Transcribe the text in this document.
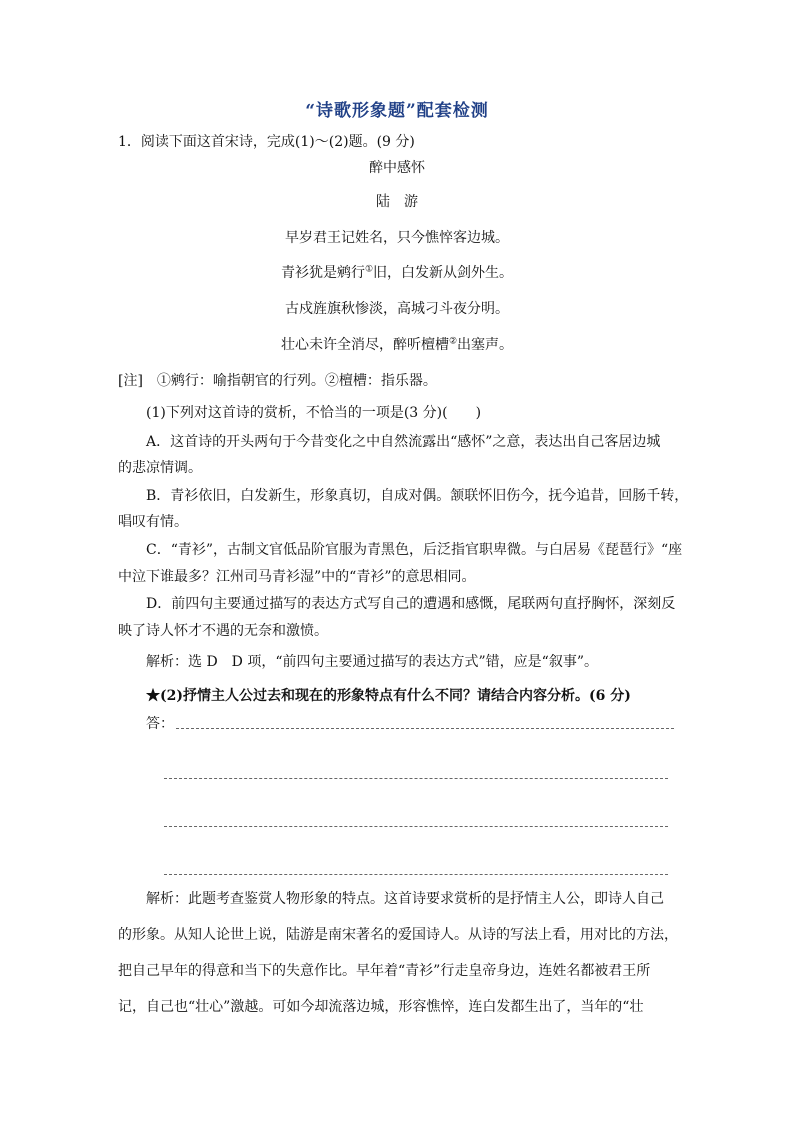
“诗歌形象题”配套检测
1．阅读下面这首宋诗，完成(1)～(2)题。(9 分)
醉中感怀
陆　游
早岁君王记姓名，只今憔悴客边城。
青衫犹是鹓行①旧，白发新从剑外生。
古戍旌旗秋惨淡，高城刁斗夜分明。
壮心未许全消尽，醉听檀槽②出塞声。
[注]　①鹓行：喻指朝官的行列。②檀槽：指乐器。
(1)下列对这首诗的赏析，不恰当的一项是(3 分)(　　)
A．这首诗的开头两句于今昔变化之中自然流露出“感怀”之意，表达出自己客居边城
的悲凉情调。
B．青衫依旧，白发新生，形象真切，自成对偶。颔联怀旧伤今，抚今追昔，回肠千转，
唱叹有情。
C．“青衫”，古制文官低品阶官服为青黑色，后泛指官职卑微。与白居易《琵琶行》“座
中泣下谁最多？江州司马青衫湿”中的“青衫”的意思相同。
D．前四句主要通过描写的表达方式写自己的遭遇和感慨，尾联两句直抒胸怀，深刻反
映了诗人怀才不遇的无奈和激愤。
解析：选 D　D 项，“前四句主要通过描写的表达方式”错，应是“叙事”。
★(2)抒情主人公过去和现在的形象特点有什么不同？请结合内容分析。(6 分)
答：
解析：此题考查鉴赏人物形象的特点。这首诗要求赏析的是抒情主人公，即诗人自己
的形象。从知人论世上说，陆游是南宋著名的爱国诗人。从诗的写法上看，用对比的方法，
把自己早年的得意和当下的失意作比。早年着“青衫”行走皇帝身边，连姓名都被君王所
记，自己也“壮心”激越。可如今却流落边城，形容憔悴，连白发都生出了，当年的“壮
